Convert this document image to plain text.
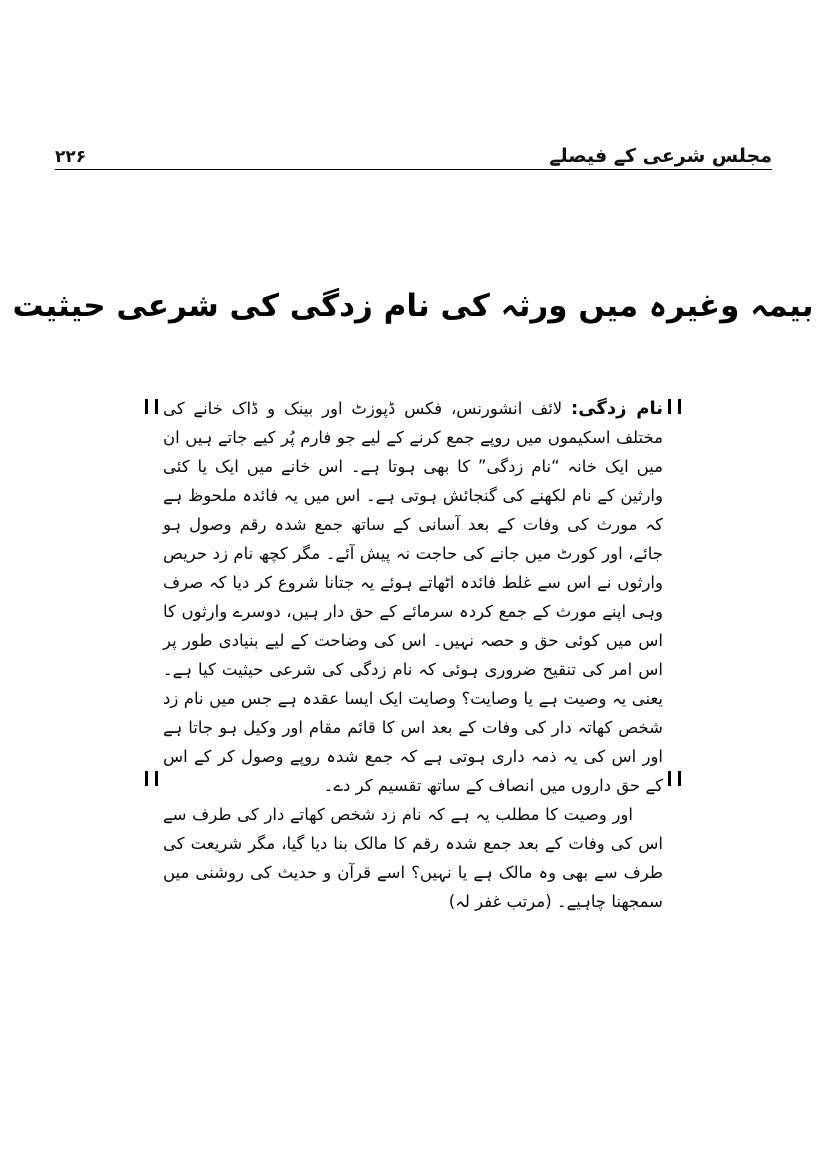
۲۲۶	مجلس شرعی کے فیصلے
بیمہ وغیرہ میں ورثہ کی نام زدگی کی شرعی حیثیت

نام زدگی: لائف انشورنس، فکس ڈپوزٹ اور بینک و ڈاک خانے کی مختلف اسکیموں میں روپے جمع کرنے کے لیے جو فارم پُر کیے جاتے ہیں ان میں ایک خانہ “نام زدگی” کا بھی ہوتا ہے۔ اس خانے میں ایک یا کئی وارثین کے نام لکھنے کی گنجائش ہوتی ہے۔ اس میں یہ فائدہ ملحوظ ہے کہ مورث کی وفات کے بعد آسانی کے ساتھ جمع شدہ رقم وصول ہو جائے، اور کورٹ میں جانے کی حاجت نہ پیش آئے۔ مگر کچھ نام زد حریص وارثوں نے اس سے غلط فائدہ اٹھاتے ہوئے یہ جتانا شروع کر دیا کہ صرف وہی اپنے مورث کے جمع کردہ سرمائے کے حق دار ہیں، دوسرے وارثوں کا اس میں کوئی حق و حصہ نہیں۔ اس کی وضاحت کے لیے بنیادی طور پر اس امر کی تنقیح ضروری ہوئی کہ نام زدگی کی شرعی حیثیت کیا ہے۔ یعنی یہ وصیت ہے یا وصایت؟ وصایت ایک ایسا عقدہ ہے جس میں نام زد شخص کھاتہ دار کی وفات کے بعد اس کا قائم مقام اور وکیل ہو جاتا ہے اور اس کی یہ ذمہ داری ہوتی ہے کہ جمع شدہ روپے وصول کر کے اس کے حق داروں میں انصاف کے ساتھ تقسیم کر دے۔

اور وصیت کا مطلب یہ ہے کہ نام زد شخص کھاتے دار کی طرف سے اس کی وفات کے بعد جمع شدہ رقم کا مالک بنا دیا گیا، مگر شریعت کی طرف سے بھی وہ مالک ہے یا نہیں؟ اسے قرآن و حدیث کی روشنی میں سمجھنا چاہیے۔ (مرتب غفر لہ)
